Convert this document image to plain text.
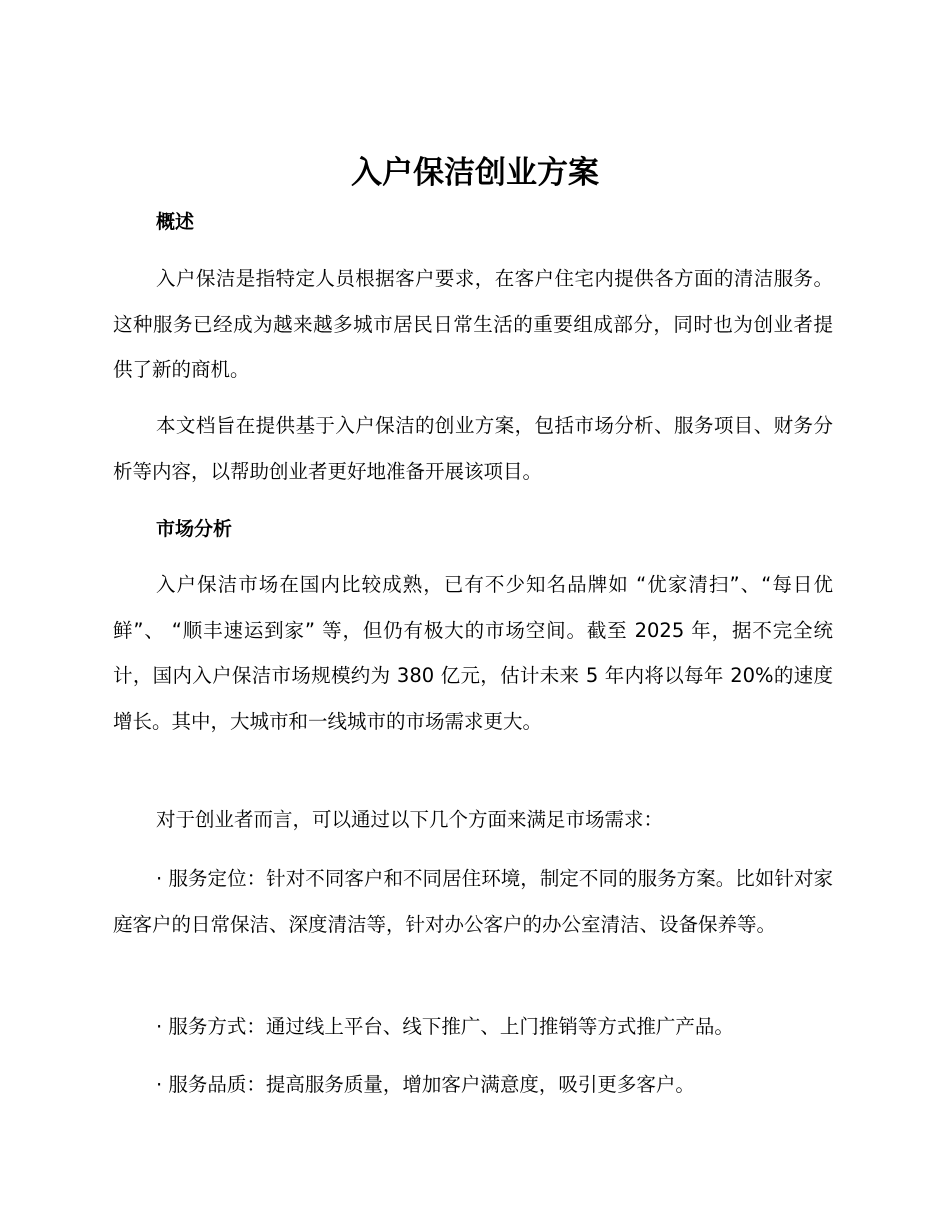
入户保洁创业方案
概述

入户保洁是指特定人员根据客户要求，在客户住宅内提供各方面的清洁服务。这种服务已经成为越来越多城市居民日常生活的重要组成部分，同时也为创业者提供了新的商机。

本文档旨在提供基于入户保洁的创业方案，包括市场分析、服务项目、财务分析等内容，以帮助创业者更好地准备开展该项目。

市场分析

入户保洁市场在国内比较成熟，已有不少知名品牌如 “优家清扫”、“每日优鲜”、 “顺丰速运到家” 等，但仍有极大的市场空间。截至 2025 年，据不完全统计，国内入户保洁市场规模约为 380 亿元，估计未来 5 年内将以每年 20%的速度增长。其中，大城市和一线城市的市场需求更大。

对于创业者而言，可以通过以下几个方面来满足市场需求：

· 服务定位：针对不同客户和不同居住环境，制定不同的服务方案。比如针对家庭客户的日常保洁、深度清洁等，针对办公客户的办公室清洁、设备保养等。

· 服务方式：通过线上平台、线下推广、上门推销等方式推广产品。

· 服务品质：提高服务质量，增加客户满意度，吸引更多客户。
